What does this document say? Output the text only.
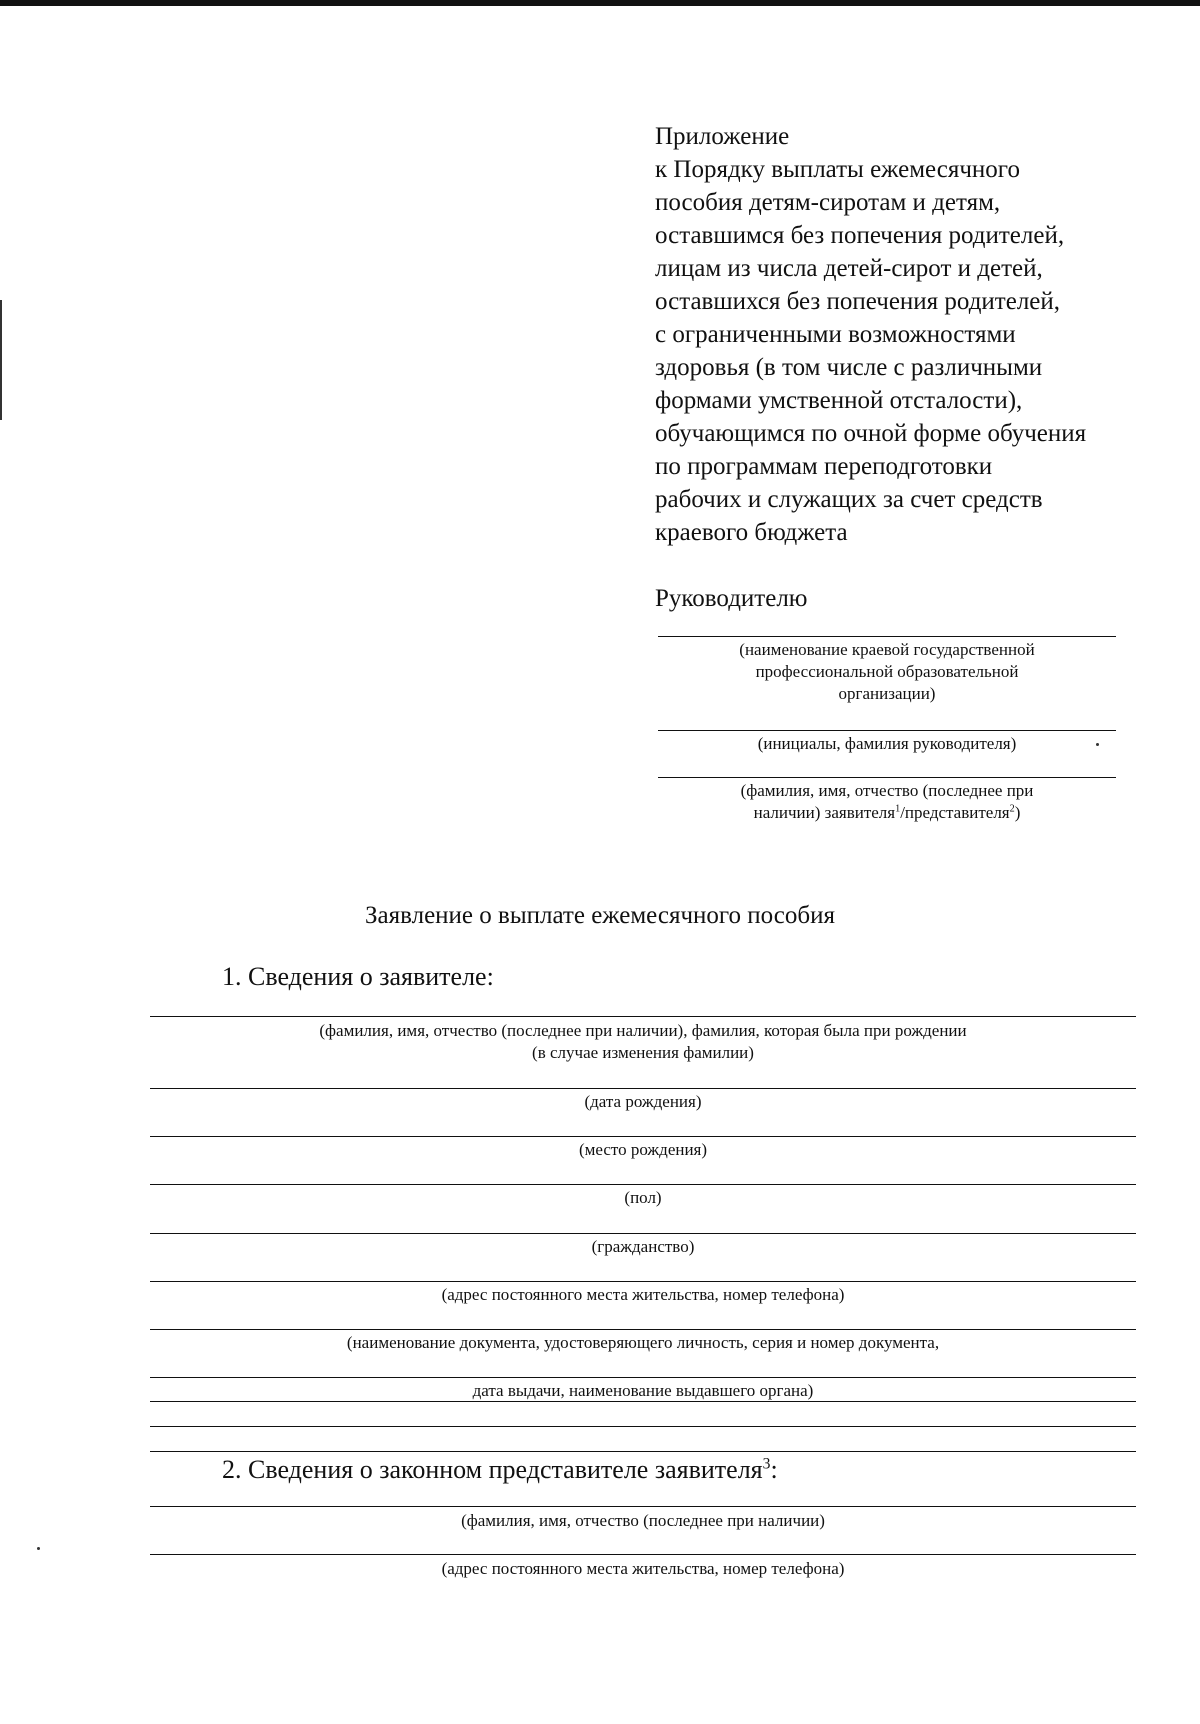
Приложение
к Порядку выплаты ежемесячного
пособия детям-сиротам и детям,
оставшимся без попечения родителей,
лицам из числа детей-сирот и детей,
оставшихся без попечения родителей,
с ограниченными возможностями
здоровья (в том числе с различными
формами умственной отсталости),
обучающимся по очной форме обучения
по программам переподготовки
рабочих и служащих за счет средств
краевого бюджета
Руководителю
(наименование краевой государственной
профессиональной образовательной
организации)
(инициалы, фамилия руководителя)
(фамилия, имя, отчество (последнее при
наличии) заявителя$^1$/представителя$^2$)
Заявление о выплате ежемесячного пособия
1. Сведения о заявителе:
(фамилия, имя, отчество (последнее при наличии), фамилия, которая была при рождении
(в случае изменения фамилии)
(дата рождения)
(место рождения)
(пол)
(гражданство)
(адрес постоянного места жительства, номер телефона)
(наименование документа, удостоверяющего личность, серия и номер документа,
дата выдачи, наименование выдавшего органа)
2. Сведения о законном представителе заявителя$^3$:
(фамилия, имя, отчество (последнее при наличии)
(адрес постоянного места жительства, номер телефона)
